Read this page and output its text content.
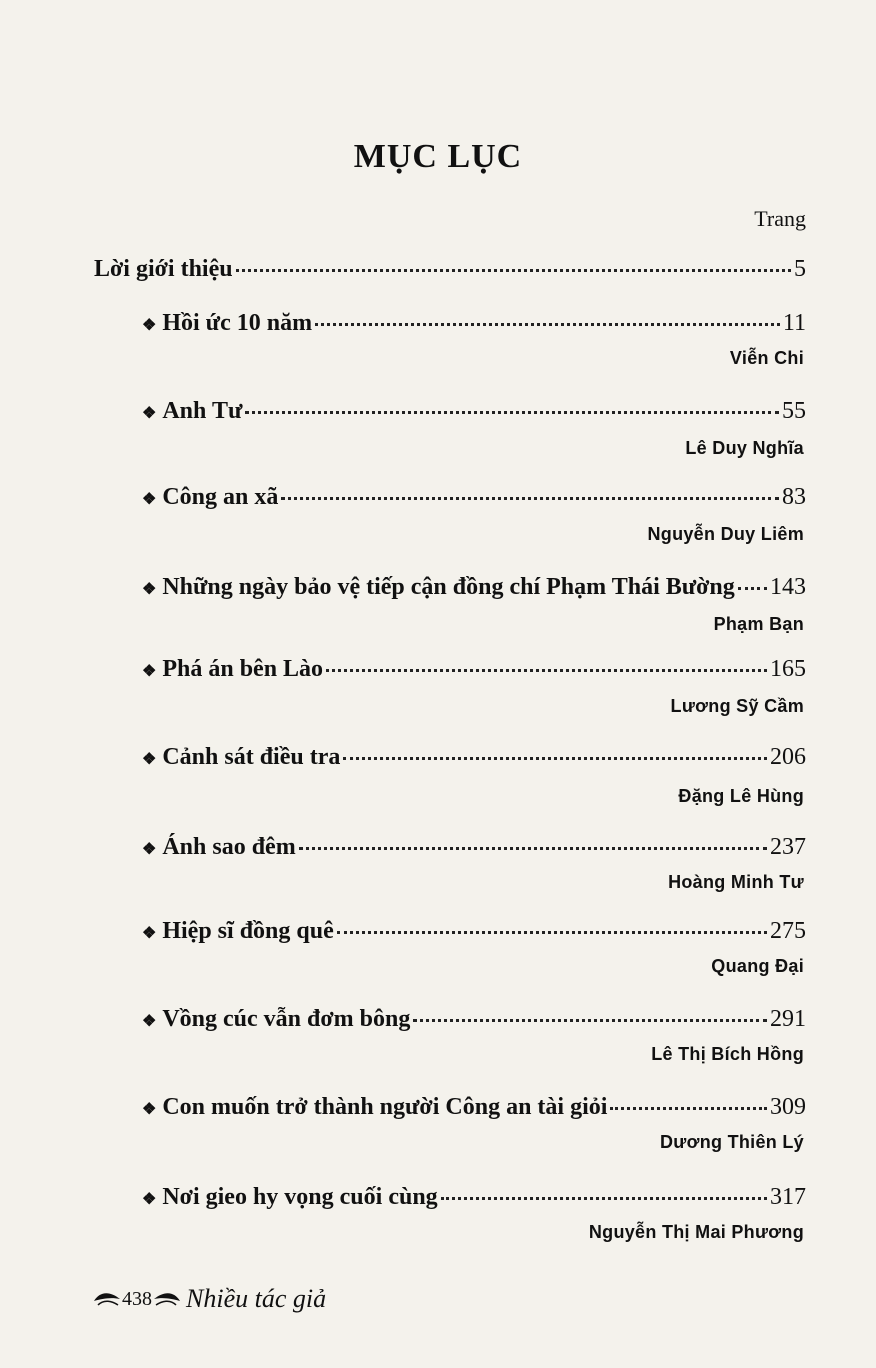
MỤC LỤC
Trang
Lời giới thiệu	5
❖ Hồi ức 10 năm	11
Viễn Chi
❖ Anh Tư	55
Lê Duy Nghĩa
❖ Công an xã	83
Nguyễn Duy Liêm
❖ Những ngày bảo vệ tiếp cận đồng chí Phạm Thái Bường 143
Phạm Bạn
❖ Phá án bên Lào	165
Lương Sỹ Cầm
❖ Cảnh sát điều tra	206
Đặng Lê Hùng
❖ Ánh sao đêm	237
Hoàng Minh Tư
❖ Hiệp sĩ đồng quê	275
Quang Đại
❖ Vồng cúc vẫn đơm bông	291
Lê Thị Bích Hồng
❖ Con muốn trở thành người Công an tài giỏi	309
Dương Thiên Lý
❖ Nơi gieo hy vọng cuối cùng	317
Nguyễn Thị Mai Phương
438 Nhiều tác giả
